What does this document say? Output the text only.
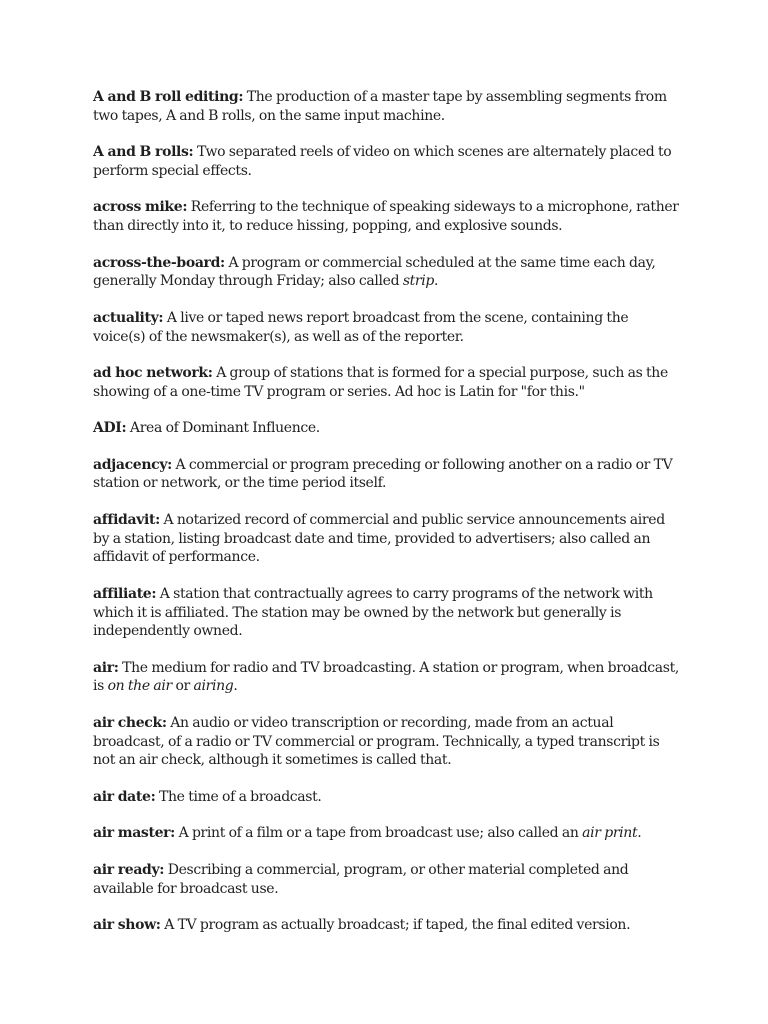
A and B roll editing: The production of a master tape by assembling segments from two tapes, A and B rolls, on the same input machine.

A and B rolls: Two separated reels of video on which scenes are alternately placed to perform special effects.

across mike: Referring to the technique of speaking sideways to a microphone, rather than directly into it, to reduce hissing, popping, and explosive sounds.

across-the-board: A program or commercial scheduled at the same time each day, generally Monday through Friday; also called strip.

actuality: A live or taped news report broadcast from the scene, containing the voice(s) of the newsmaker(s), as well as of the reporter.

ad hoc network: A group of stations that is formed for a special purpose, such as the showing of a one-time TV program or series. Ad hoc is Latin for "for this."

ADI: Area of Dominant Influence.

adjacency: A commercial or program preceding or following another on a radio or TV station or network, or the time period itself.

affidavit: A notarized record of commercial and public service announcements aired by a station, listing broadcast date and time, provided to advertisers; also called an affidavit of performance.

affiliate: A station that contractually agrees to carry programs of the network with which it is affiliated. The station may be owned by the network but generally is independently owned.

air: The medium for radio and TV broadcasting. A station or program, when broadcast, is on the air or airing.

air check: An audio or video transcription or recording, made from an actual broadcast, of a radio or TV commercial or program. Technically, a typed transcript is not an air check, although it sometimes is called that.

air date: The time of a broadcast.

air master: A print of a film or a tape from broadcast use; also called an air print.

air ready: Describing a commercial, program, or other material completed and available for broadcast use.

air show: A TV program as actually broadcast; if taped, the final edited version.
